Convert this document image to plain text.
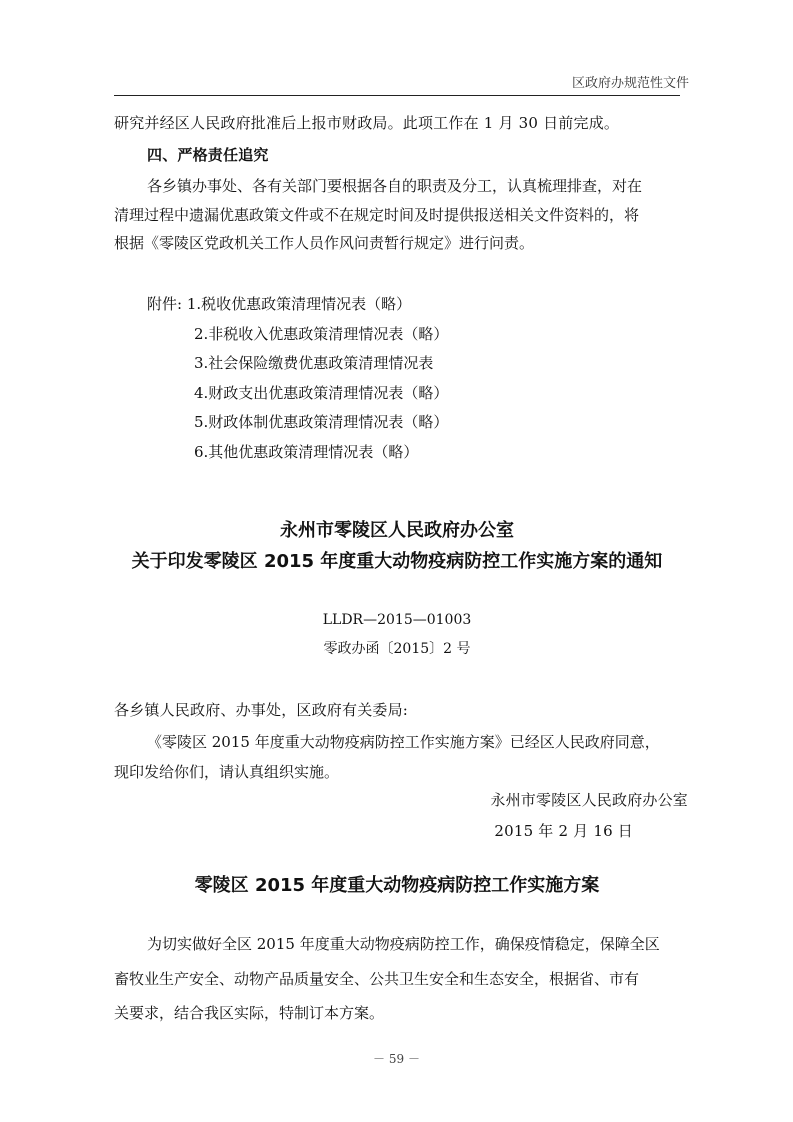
区政府办规范性文件
研究并经区人民政府批准后上报市财政局。此项工作在 1 月 30 日前完成。
四、严格责任追究
各乡镇办事处、各有关部门要根据各自的职责及分工，认真梳理排查，对在
清理过程中遗漏优惠政策文件或不在规定时间及时提供报送相关文件资料的，将
根据《零陵区党政机关工作人员作风问责暂行规定》进行问责。
附件: 1.税收优惠政策清理情况表（略）
2.非税收入优惠政策清理情况表（略）
3.社会保险缴费优惠政策清理情况表
4.财政支出优惠政策清理情况表（略）
5.财政体制优惠政策清理情况表（略）
6.其他优惠政策清理情况表（略）
永州市零陵区人民政府办公室
关于印发零陵区 2015 年度重大动物疫病防控工作实施方案的通知
LLDR—2015—01003
零政办函〔2015〕2 号
各乡镇人民政府、办事处，区政府有关委局:
《零陵区 2015 年度重大动物疫病防控工作实施方案》已经区人民政府同意，
现印发给你们，请认真组织实施。
永州市零陵区人民政府办公室
2015 年 2 月 16 日
零陵区 2015 年度重大动物疫病防控工作实施方案
为切实做好全区 2015 年度重大动物疫病防控工作，确保疫情稳定，保障全区
畜牧业生产安全、动物产品质量安全、公共卫生安全和生态安全，根据省、市有
关要求，结合我区实际，特制订本方案。
－ 59 －
